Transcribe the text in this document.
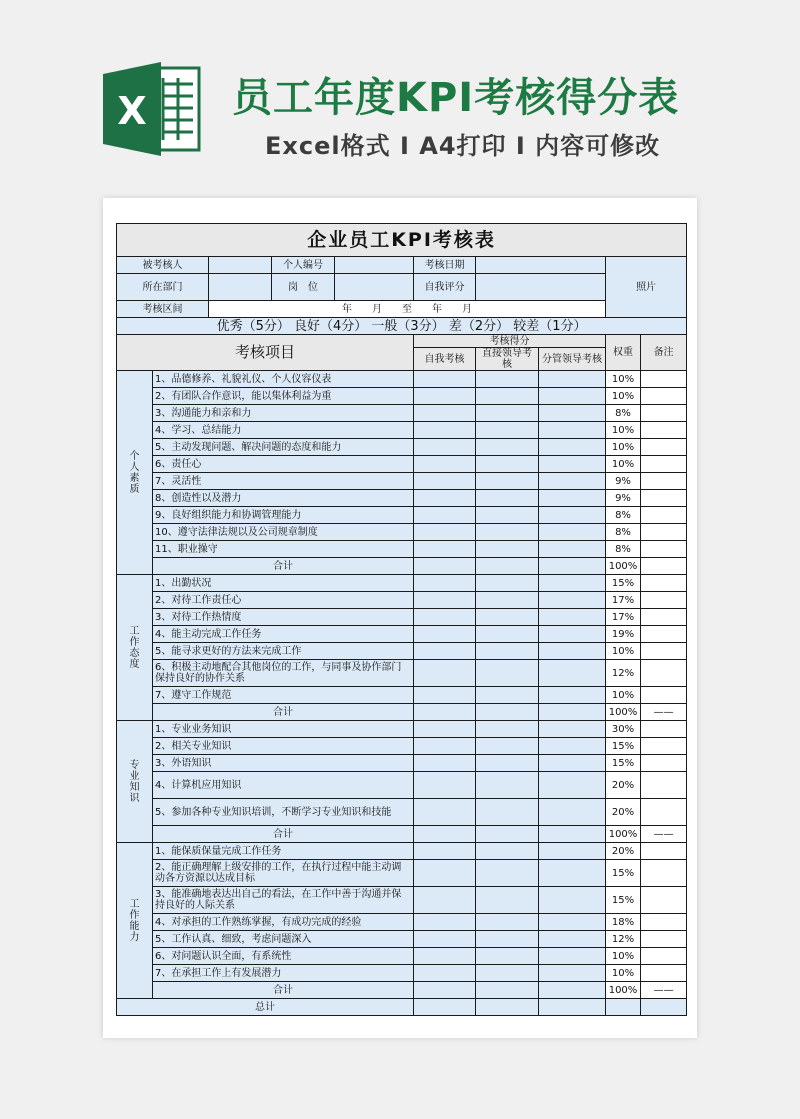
X 员工年度KPI考核得分表
Excel格式 I A4打印 I 内容可修改
企业员工KPI考核表									
被考核人			个人编号		考核日期			照片	
所在部门			岗　位		自我评分				
考核区间		年　　月　　至　　年　　月							
优秀（5分） 良好（4分） 一般（3分） 差（2分） 较差（1分）									
考核项目					考核得分			权重	备注
					自我考核	直接领导考核	分管领导考核		

个人素质	1、品德修养、礼貌礼仪、个人仪容仪表							10%	
	2、有团队合作意识，能以集体利益为重							10%	
	3、沟通能力和亲和力							8%	
	4、学习、总结能力							10%	
	5、主动发现问题、解决问题的态度和能力							10%	
	6、责任心							10%	
	7、灵活性							9%	
	8、创造性以及潜力							9%	
	9、良好组织能力和协调管理能力							8%	
	10、遵守法律法规以及公司规章制度							8%	
	11、职业操守							8%	
	合计							100%	

工作态度	1、出勤状况							15%	
	2、对待工作责任心							17%	
	3、对待工作热情度							17%	
	4、能主动完成工作任务							19%	
	5、能寻求更好的方法来完成工作							10%	
	6、积极主动地配合其他岗位的工作，与同事及协作部门保持良好的协作关系							12%	
	7、遵守工作规范							10%	
	合计							100%	——

专业知识	1、专业业务知识							30%	
	2、相关专业知识							15%	
	3、外语知识							15%	
	4、计算机应用知识							20%	
	5、参加各种专业知识培训，不断学习专业知识和技能							20%	
	合计							100%	——

工作能力	1、能保质保量完成工作任务							20%	
	2、能正确理解上级安排的工作，在执行过程中能主动调动各方资源以达成目标							15%	
	3、能准确地表达出自己的看法，在工作中善于沟通并保持良好的人际关系							15%	
	4、对承担的工作熟练掌握，有成功完成的经验							18%	
	5、工作认真、细致，考虑问题深入							12%	
	6、对问题认识全面，有系统性							10%	
	7、在承担工作上有发展潜力							10%	
	合计							100%	——
总计									
